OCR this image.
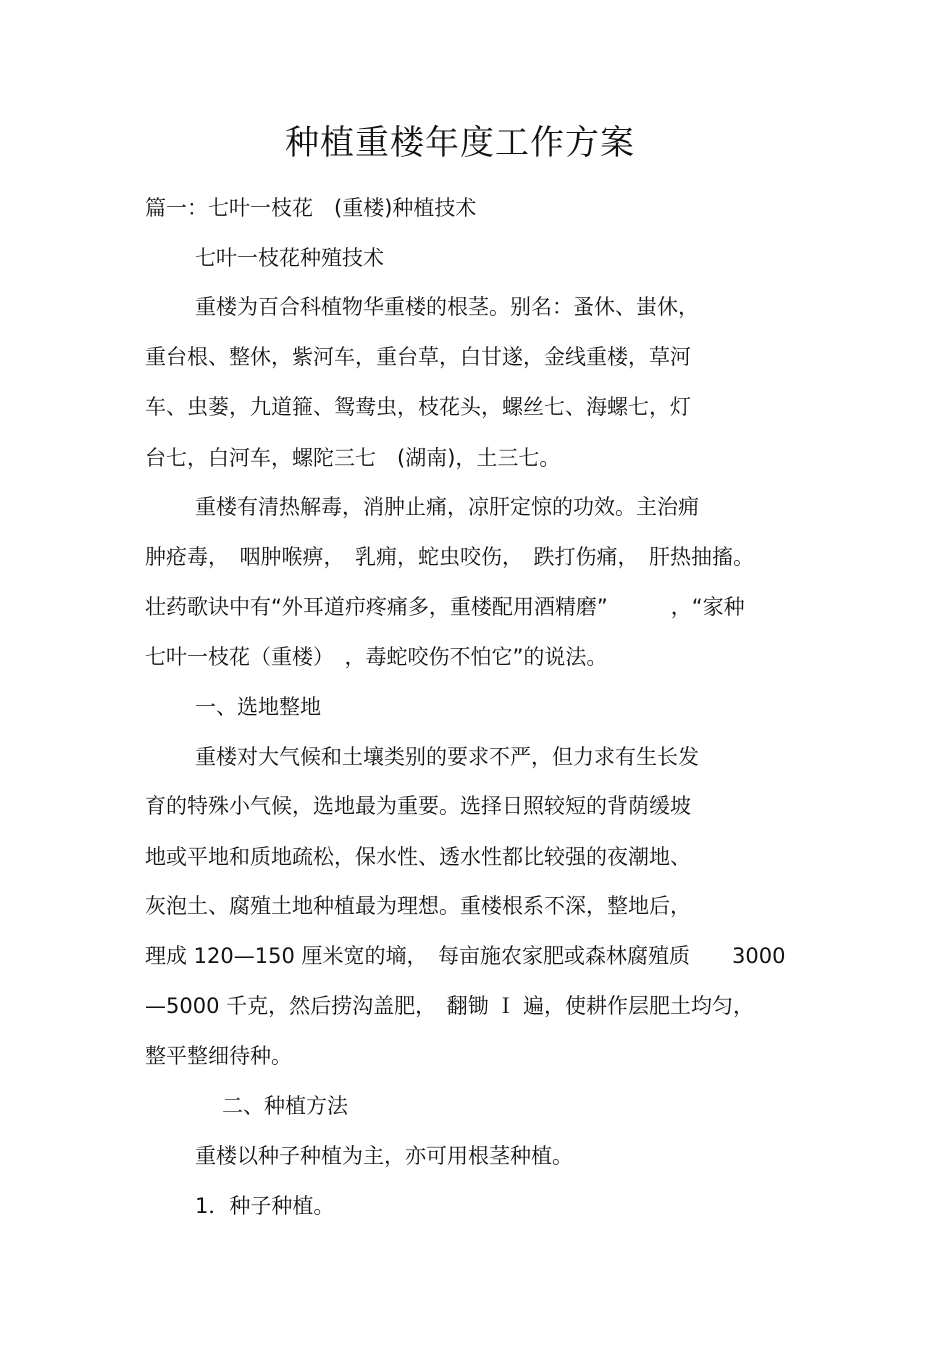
种植重楼年度工作方案
篇一：七叶一枝花　(重楼)种植技术
七叶一枝花种殖技术
重楼为百合科植物华重楼的根茎。别名：蚤休、蚩休，
重台根、整休，紫河车，重台草，白甘遂，金线重楼，草河
车、虫蒌，九道箍、鸳鸯虫，枝花头，螺丝七、海螺七，灯
台七，白河车，螺陀三七　(湖南)，土三七。
重楼有清热解毒，消肿止痛，凉肝定惊的功效。主治痈
肿疮毒，　咽肿喉痹，　乳痈，蛇虫咬伤，　跌打伤痛，　肝热抽搐。
壮药歌诀中有“外耳道疖疼痛多，重楼配用酒精磨”　　　，“家种
七叶一枝花（重楼）　，毒蛇咬伤不怕它”的说法。
一、选地整地
重楼对大气候和土壤类别的要求不严，但力求有生长发
育的特殊小气候，选地最为重要。选择日照较短的背荫缓坡
地或平地和质地疏松，保水性、透水性都比较强的夜潮地、
灰泡土、腐殖土地种植最为理想。重楼根系不深，整地后，
理成 120—150 厘米宽的墒，　每亩施农家肥或森林腐殖质　　3000
—5000 千克，然后捞沟盖肥，　翻锄 Ｉ 遍，使耕作层肥土均匀，
整平整细待种。
二、种植方法
重楼以种子种植为主，亦可用根茎种植。
1．种子种植。
